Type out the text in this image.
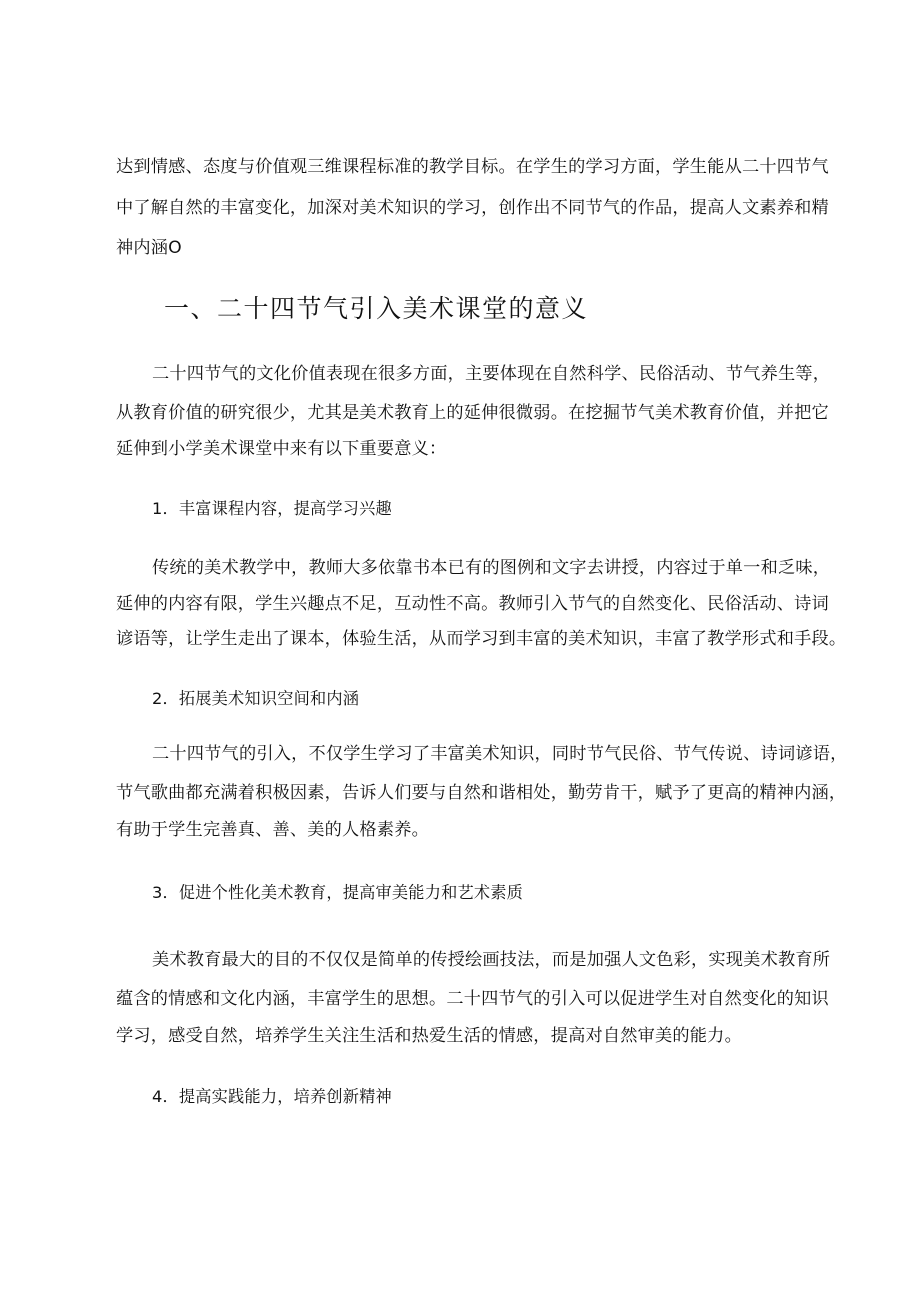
达到情感、态度与价值观三维课程标准的教学目标。在学生的学习方面，学生能从二十四节气
中了解自然的丰富变化，加深对美术知识的学习，创作出不同节气的作品，提高人文素养和精
神内涵O
一、二十四节气引入美术课堂的意义
二十四节气的文化价值表现在很多方面，主要体现在自然科学、民俗活动、节气养生等，
从教育价值的研究很少，尤其是美术教育上的延伸很微弱。在挖掘节气美术教育价值，并把它
延伸到小学美术课堂中来有以下重要意义：
1．丰富课程内容，提高学习兴趣
传统的美术教学中，教师大多依靠书本已有的图例和文字去讲授，内容过于单一和乏味，
延伸的内容有限，学生兴趣点不足，互动性不高。教师引入节气的自然变化、民俗活动、诗词
谚语等，让学生走出了课本，体验生活，从而学习到丰富的美术知识，丰富了教学形式和手段。
2．拓展美术知识空间和内涵
二十四节气的引入，不仅学生学习了丰富美术知识，同时节气民俗、节气传说、诗词谚语，
节气歌曲都充满着积极因素，告诉人们要与自然和谐相处，勤劳肯干，赋予了更高的精神内涵，
有助于学生完善真、善、美的人格素养。
3．促进个性化美术教育，提高审美能力和艺术素质
美术教育最大的目的不仅仅是简单的传授绘画技法，而是加强人文色彩，实现美术教育所
蕴含的情感和文化内涵，丰富学生的思想。二十四节气的引入可以促进学生对自然变化的知识
学习，感受自然，培养学生关注生活和热爱生活的情感，提高对自然审美的能力。
4．提高实践能力，培养创新精神
